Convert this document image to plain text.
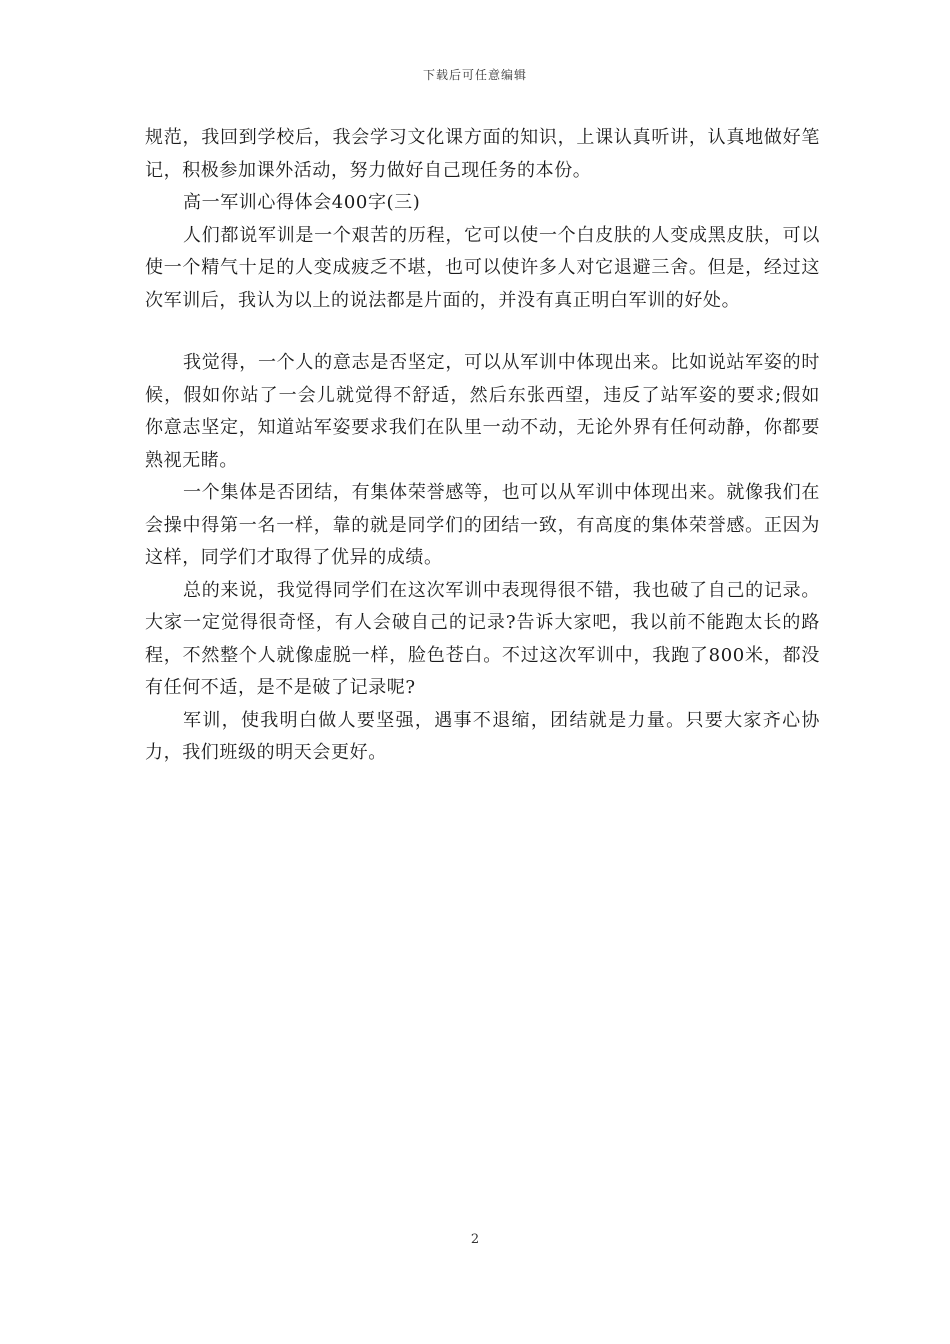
下载后可任意编辑

规范，我回到学校后，我会学习文化课方面的知识，上课认真听讲，认真地做好笔记，积极参加课外活动，努力做好自己现任务的本份。

高一军训心得体会400字(三)

人们都说军训是一个艰苦的历程，它可以使一个白皮肤的人变成黑皮肤，可以使一个精气十足的人变成疲乏不堪，也可以使许多人对它退避三舍。但是，经过这次军训后，我认为以上的说法都是片面的，并没有真正明白军训的好处。

我觉得，一个人的意志是否坚定，可以从军训中体现出来。比如说站军姿的时候，假如你站了一会儿就觉得不舒适，然后东张西望，违反了站军姿的要求;假如你意志坚定，知道站军姿要求我们在队里一动不动，无论外界有任何动静，你都要熟视无睹。

一个集体是否团结，有集体荣誉感等，也可以从军训中体现出来。就像我们在会操中得第一名一样，靠的就是同学们的团结一致，有高度的集体荣誉感。正因为这样，同学们才取得了优异的成绩。

总的来说，我觉得同学们在这次军训中表现得很不错，我也破了自己的记录。大家一定觉得很奇怪，有人会破自己的记录?告诉大家吧，我以前不能跑太长的路程，不然整个人就像虚脱一样，脸色苍白。不过这次军训中，我跑了800米，都没有任何不适，是不是破了记录呢?

军训，使我明白做人要坚强，遇事不退缩，团结就是力量。只要大家齐心协力，我们班级的明天会更好。

2
